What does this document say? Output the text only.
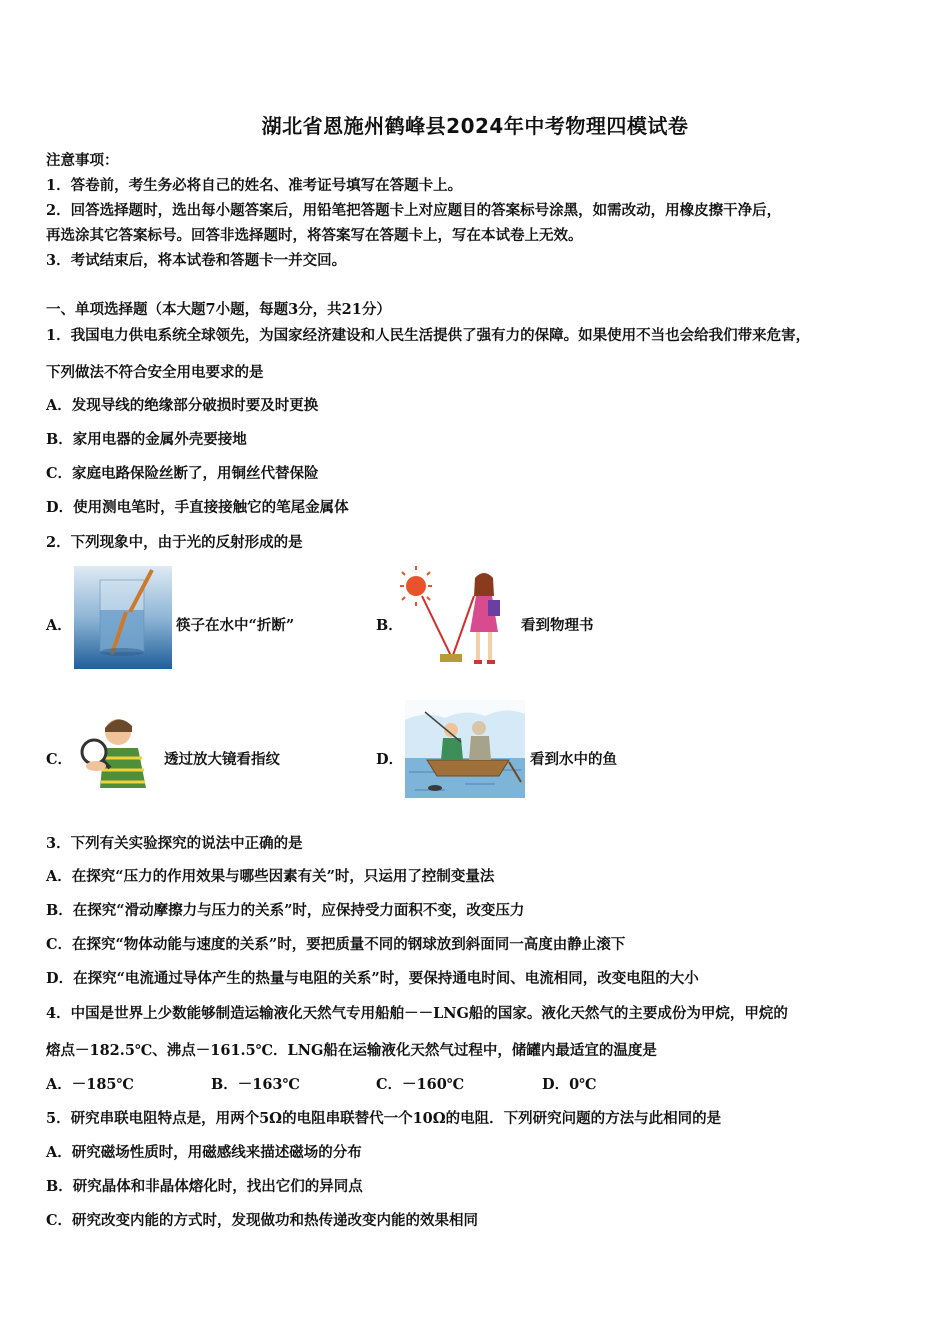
湖北省恩施州鹤峰县2024年中考物理四模试卷
注意事项：
1．答卷前，考生务必将自己的姓名、准考证号填写在答题卡上。
2．回答选择题时，选出每小题答案后，用铅笔把答题卡上对应题目的答案标号涂黑，如需改动，用橡皮擦干净后，
再选涂其它答案标号。回答非选择题时，将答案写在答题卡上，写在本试卷上无效。
3．考试结束后，将本试卷和答题卡一并交回。
一、单项选择题（本大题7小题，每题3分，共21分）
1．我国电力供电系统全球领先，为国家经济建设和人民生活提供了强有力的保障。如果使用不当也会给我们带来危害，
下列做法不符合安全用电要求的是
A．发现导线的绝缘部分破损时要及时更换
B．家用电器的金属外壳要接地
C．家庭电路保险丝断了，用铜丝代替保险
D．使用测电笔时，手直接接触它的笔尾金属体
2．下列现象中，由于光的反射形成的是
A．	筷子在水中“折断”	B．	看到物理书
C．	透过放大镜看指纹	D．	看到水中的鱼
3．下列有关实验探究的说法中正确的是
A．在探究“压力的作用效果与哪些因素有关”时，只运用了控制变量法
B．在探究“滑动摩擦力与压力的关系”时，应保持受力面积不变，改变压力
C．在探究“物体动能与速度的关系”时，要把质量不同的钢球放到斜面同一高度由静止滚下
D．在探究“电流通过导体产生的热量与电阻的关系”时，要保持通电时间、电流相同，改变电阻的大小
4．中国是世界上少数能够制造运输液化天然气专用船舶－－LNG船的国家。液化天然气的主要成份为甲烷，甲烷的
熔点－182.5℃、沸点－161.5℃．LNG船在运输液化天然气过程中，储罐内最适宜的温度是
A．－185℃	B．－163℃	C．－160℃	D．0℃
5．研究串联电阻特点是，用两个5Ω的电阻串联替代一个10Ω的电阻．下列研究问题的方法与此相同的是
A．研究磁场性质时，用磁感线来描述磁场的分布
B．研究晶体和非晶体熔化时，找出它们的异同点
C．研究改变内能的方式时，发现做功和热传递改变内能的效果相同
